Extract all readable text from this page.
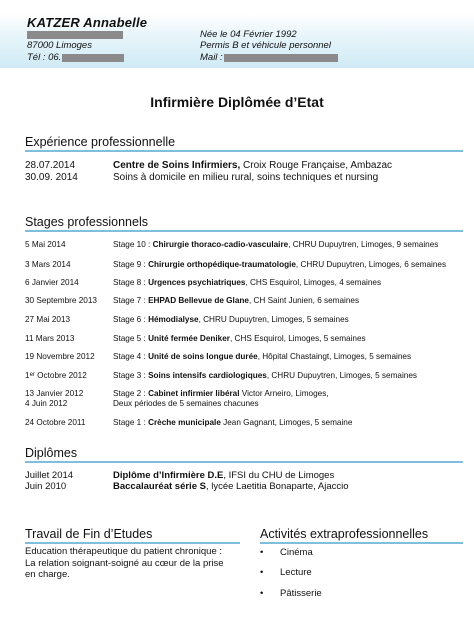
KATZER Annabelle
87000 Limoges
Tél : 06.
Née le 04 Février 1992
Permis B et véhicule personnel
Mail :
Infirmière Diplômée d’Etat
Expérience professionnelle
28.07.2014	Centre de Soins Infirmiers, Croix Rouge Française, Ambazac
30.09. 2014	Soins à domicile en milieu rural, soins techniques et nursing
Stages professionnels
5 Mai 2014	Stage 10 : Chirurgie thoraco-cadio-vasculaire, CHRU Dupuytren, Limoges, 9 semaines
3 Mars 2014	Stage 9 : Chirurgie orthopédique-traumatologie, CHRU Dupuytren, Limoges, 6 semaines
6 Janvier 2014	Stage 8 : Urgences psychiatriques, CHS Esquirol, Limoges, 4 semaines
30 Septembre 2013	Stage 7 : EHPAD Bellevue de Glane, CH Saint Junien, 6 semaines
27 Mai 2013	Stage 6 : Hémodialyse, CHRU Dupuytren, Limoges, 5 semaines
11 Mars 2013	Stage 5 : Unité fermée Deniker, CHS Esquirol, Limoges, 5 semaines
19 Novembre 2012	Stage 4 : Unité de soins longue durée, Hôpital Chastaingt, Limoges, 5 semaines
1er Octobre 2012	Stage 3 : Soins intensifs cardiologiques, CHRU Dupuytren, Limoges, 5 semaines
13 Janvier 2012	Stage 2 : Cabinet infirmier libéral Victor Arneiro, Limoges,
4 Juin 2012	Deux périodes de 5 semaines chacunes
24 Octobre 2011	Stage 1 : Crèche municipale Jean Gagnant, Limoges, 5 semaine
Diplômes
Juillet 2014	Diplôme d’Infirmière D.E, IFSI du CHU de Limoges
Juin 2010	Baccalauréat série S, lycée Laetitia Bonaparte, Ajaccio
Travail de Fin d’Etudes
Education thérapeutique du patient chronique : La relation soignant-soigné au cœur de la prise en charge.
Activités extraprofessionnelles
• Cinéma
• Lecture
• Pâtisserie
